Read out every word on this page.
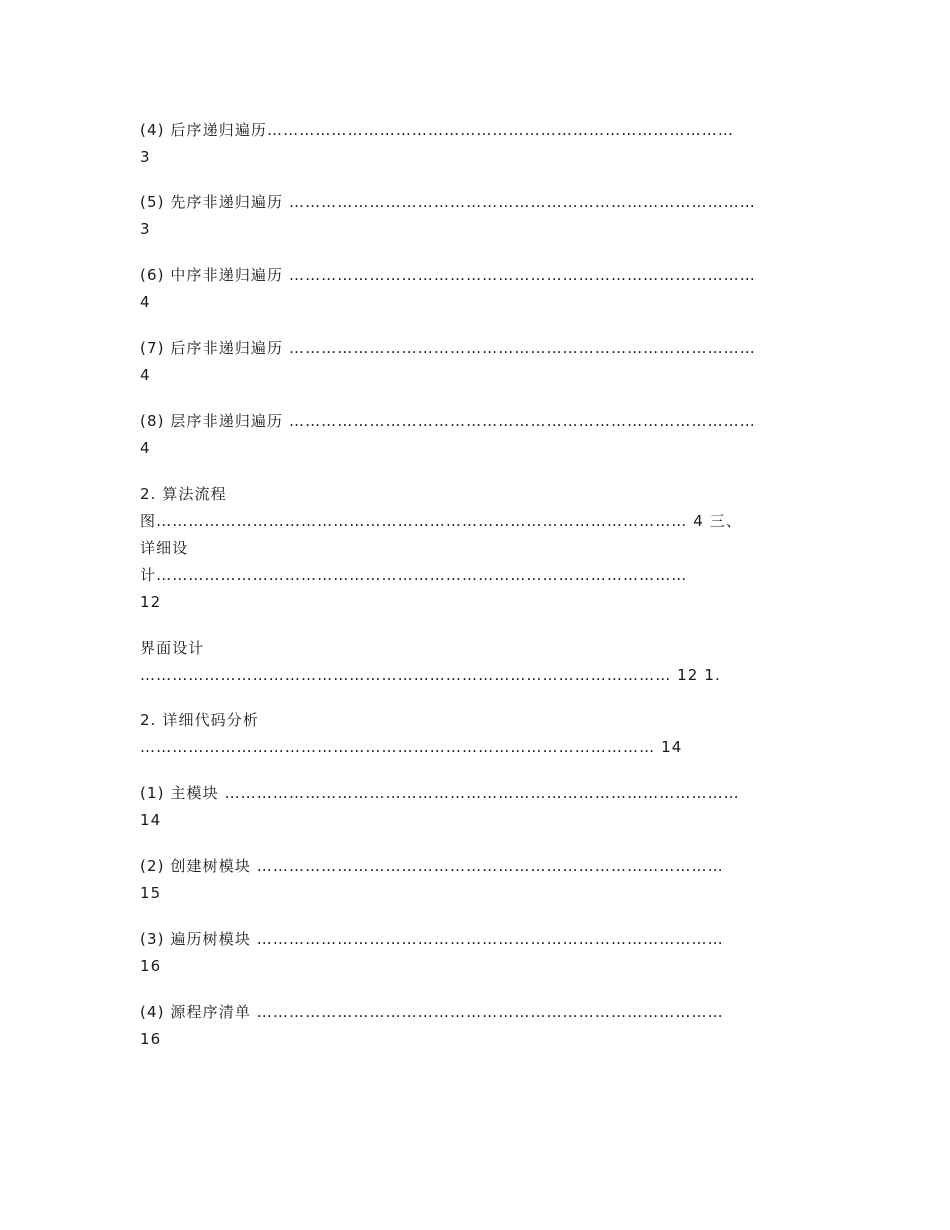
(4) 后序递归遍历……………………………………………………………………………
3
(5) 先序非递归遍历 ……………………………………………………………………………
3
(6) 中序非递归遍历 ……………………………………………………………………………
4
(7) 后序非递归遍历 ……………………………………………………………………………
4
(8) 层序非递归遍历 ……………………………………………………………………………
4
2. 算法流程
图……………………………………………………………………………………… 4 三、
详细设
计………………………………………………………………………………………
12
界面设计
……………………………………………………………………………………… 12 1.
2. 详细代码分析
…………………………………………………………………………………… 14
(1) 主模块 ……………………………………………………………………………………
14
(2) 创建树模块 ……………………………………………………………………………
15
(3) 遍历树模块 ……………………………………………………………………………
16
(4) 源程序清单 ……………………………………………………………………………
16
